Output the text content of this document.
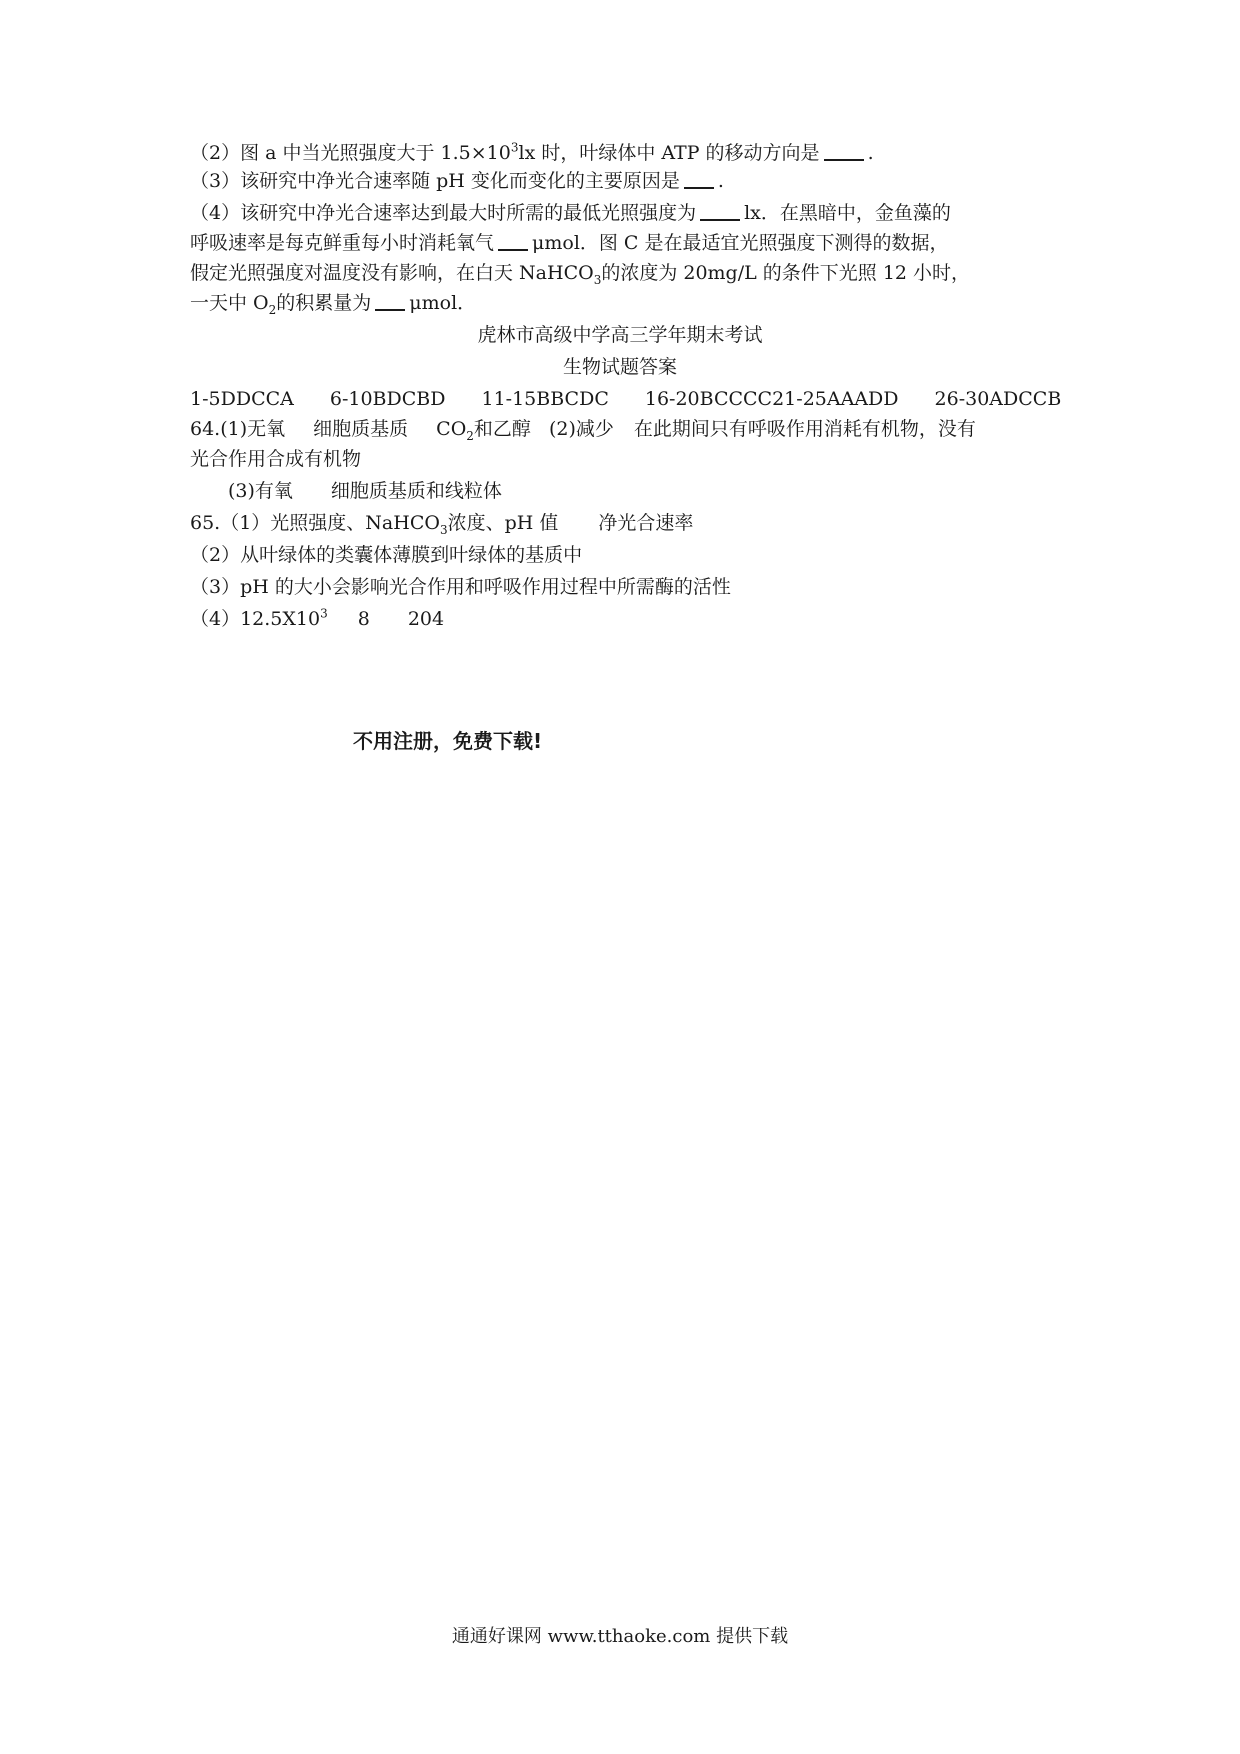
（2）图 a 中当光照强度大于 $1.5\times 10^3lx$ 时，叶绿体中 ATP 的移动方向是	.
（3）该研究中净光合速率随 pH 变化而变化的主要原因是 .
（4）该研究中净光合速率达到最大时所需的最低光照强度为	lx．在黑暗中，金鱼藻的
呼吸速率是每克鲜重每小时消耗氧气 μmol．图 C 是在最适宜光照强度下测得的数据，
假定光照强度对温度没有影响，在白天 NaHCO$_3$的浓度为 20mg/L 的条件下光照 12 小时，
一天中 $O_2$的积累量为 μmol．
虎林市高级中学高三学年期末考试
生物试题答案
1-5DDCCA 6-10BDCBD 11-15BBCDC 16-20BCCCC21-25AAADD 26-30ADCCB
64.(1)无氧 细胞质基质 $CO_2$和乙醇 (2)减少 在此期间只有呼吸作用消耗有机物，没有
光合作用合成有机物
(3)有氧 细胞质基质和线粒体
65.（1）光照强度、NaHCO$_3$浓度、pH 值 净光合速率
（2）从叶绿体的类囊体薄膜到叶绿体的基质中
（3）pH 的大小会影响光合作用和呼吸作用过程中所需酶的活性
$(4)12.5X10^3$ 8 204
不用注册，免费下载!
通通好课网 www.tthaoke.com 提供下载
